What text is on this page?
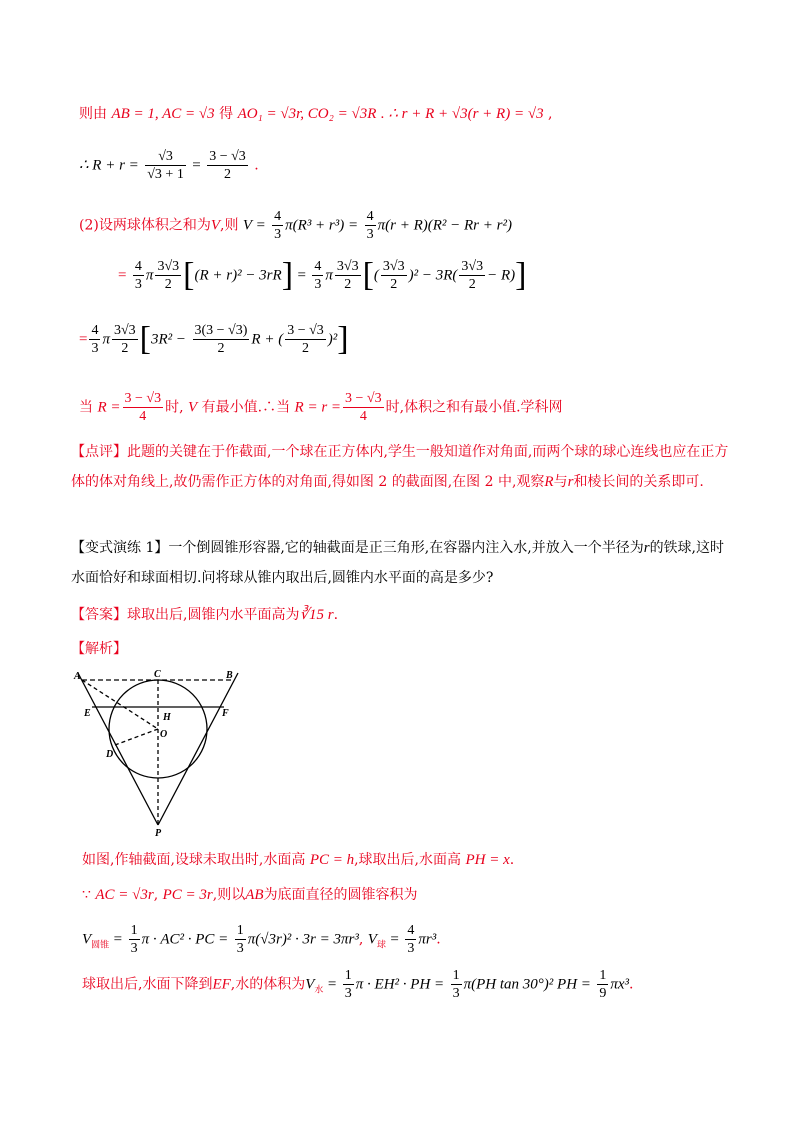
则由 AB = 1, AC = √3 得 AO₁ = √3r, CO₂ = √3R . ∴ r + R + √3(r + R) = √3 ,
∴ $R + r = \frac{√3}{√3 + 1} = \frac{3 - √3}{2}$ .
(2)设两球体积之和为V,则 $V = \frac{4}{3} \pi(R^3 + r^3) = \frac{4}{3} \pi(r + R)(R^2 - Rr + r^2)$
= $\frac{4}{3}$ π $\frac{3√3}{2} [(R + r)^2 - 3rR] = \frac{4}{3}$ π $\frac{3√3}{2}$ [( $\frac{3√3}{2} )^2 - 3R( \frac{3√3}{2} - R)$]
= $\frac{4}{3}$ π $\frac{3√3}{2} [3R^2 - \frac{3(3 - √3)}{2}$ R + ( $\frac{3 - √3}{2} )^2$]
当 $R = \frac{3 - √3}{4}$ 时, V 有最小值.∴当 $R = r = \frac{3 - √3}{4}$ 时,体积之和有最小值.学科网
【点评】此题的关键在于作截面,一个球在正方体内,学生一般知道作对角面,而两个球的球心连线也应在正方体的体对角线上,故仍需作正方体的对角面,得如图 2 的截面图,在图 2 中,观察R与r和棱长间的关系即可.
【变式演练 1】一个倒圆锥形容器,它的轴截面是正三角形,在容器内注入水,并放入一个半径为r的铁球,这时水面恰好和球面相切.问将球从锥内取出后,圆锥内水平面的高是多少?
【答案】球取出后,圆锥内水平面高为∛15 r.
【解析】
A	C	B
E	H	F
O
D
P
如图,作轴截面,设球未取出时,水面高 PC = h,球取出后,水面高 PH = x.
∵ AC = √3r, PC = 3r,则以AB为底面直径的圆锥容积为
$V_{圆锥} = \frac{1}{3}$ π · AC² · PC = $\frac{1}{3} \pi(√3r)^2 \cdot 3r = 3\pi r^3$, $V_球 = \frac{4}{3} \pi r^3$.
球取出后,水面下降到EF,水的体积为$V_水 = \frac{1}{3}$ π · EH² · PH = $\frac{1}{3} \pi(PH$ tan 30°)² PH = $\frac{1}{9} \pi x^3$.
